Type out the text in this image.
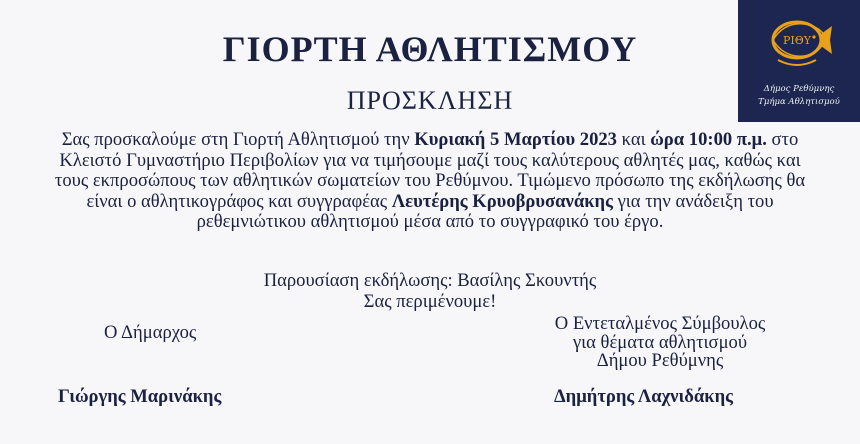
ΓΙΟΡΤΗ ΑΘΛΗΤΙΣΜΟΥ
ΠΡΟΣΚΛΗΣΗ
Σας προσκαλούμε στη Γιορτή Αθλητισμού την Κυριακή 5 Μαρτίου 2023 και ώρα 10:00 π.μ. στο Κλειστό Γυμναστήριο Περιβολίων για να τιμήσουμε μαζί τους καλύτερους αθλητές μας, καθώς και τους εκπροσώπους των αθλητικών σωματείων του Ρεθύμνου. Τιμώμενο πρόσωπο της εκδήλωσης θα είναι ο αθλητικογράφος και συγγραφέας Λευτέρης Κρυοβρυσανάκης για την ανάδειξη του ρεθεμνιώτικου αθλητισμού μέσα από το συγγραφικό του έργο.
Παρουσίαση εκδήλωσης: Βασίλης Σκουντής
Σας περιμένουμε!
Ο Δήμαρχος	Ο Εντεταλμένος Σύμβουλος
για θέματα αθλητισμού
Δήμου Ρεθύμνης
Γιώργης Μαρινάκης	Δημήτρης Λαχνιδάκης
ΡΙΘΥ
Δήμος Ρεθύμνης
Τμήμα Αθλητισμού
